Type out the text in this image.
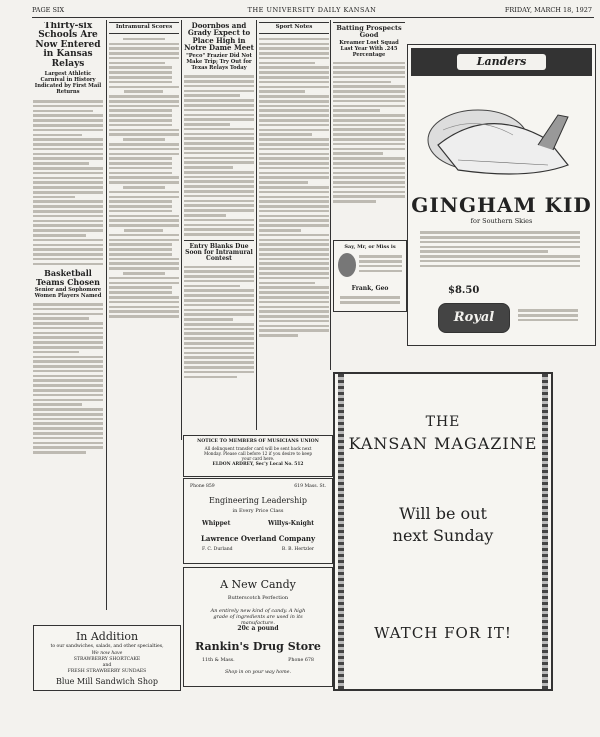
PAGE SIX	THE UNIVERSITY DAILY KANSAN	FRIDAY, MARCH 18, 1927
Thirty-six Schools Are Now Entered in Kansas Relays
Largest Athletic Carnival in History Indicated by First Mail Returns
Basketball Teams Chosen
Senior and Sophomore Women Players Named
Intramural Scores	Doornbos and Grady Expect to Place High in Notre Dame Meet
"Peco" Frazier Did Not Make Trip; Try Out for Texas Relays Today
Entry Blanks Due Soon for Intramural Contest
Sport Notes	Batting Prospects Good
Kreamer Lost Squad Last Year With .245 Percentage
Say, Mr, or Miss is
Frank, Geo
Landers
GINGHAM KID
for Southern Skies
$8.50
Royal
NOTICE TO MEMBERS OF MUSICIANS UNION
All delinquent transfer card will be sent back next
Monday. Please call before 12 if you desire to keep
your card here.
ELDON ARDREY, Sec'y Local No. 512
Phone 859	619 Mass. St.
Engineering Leadership
in Every Price Class
Whippet	Willys-Knight
Lawrence Overland Company
F. C. Durland	B. B. Hertzler
A New Candy
Butterscotch Perfection
An entirely new kind of candy. A high grade of ingredients are used in its manufacture.
20c a pound
Rankin's Drug Store
11th & Mass.	Phone 678
Shop in on your way home.
In Addition
to our sandwiches, salads, and other specialties,
We now have
STRAWBERRY SHORTCAKE
and
FRESH STRAWBERRY SUNDAES
Blue Mill Sandwich Shop
THE
KANSAN MAGAZINE
Will be out
next Sunday
WATCH FOR IT!
